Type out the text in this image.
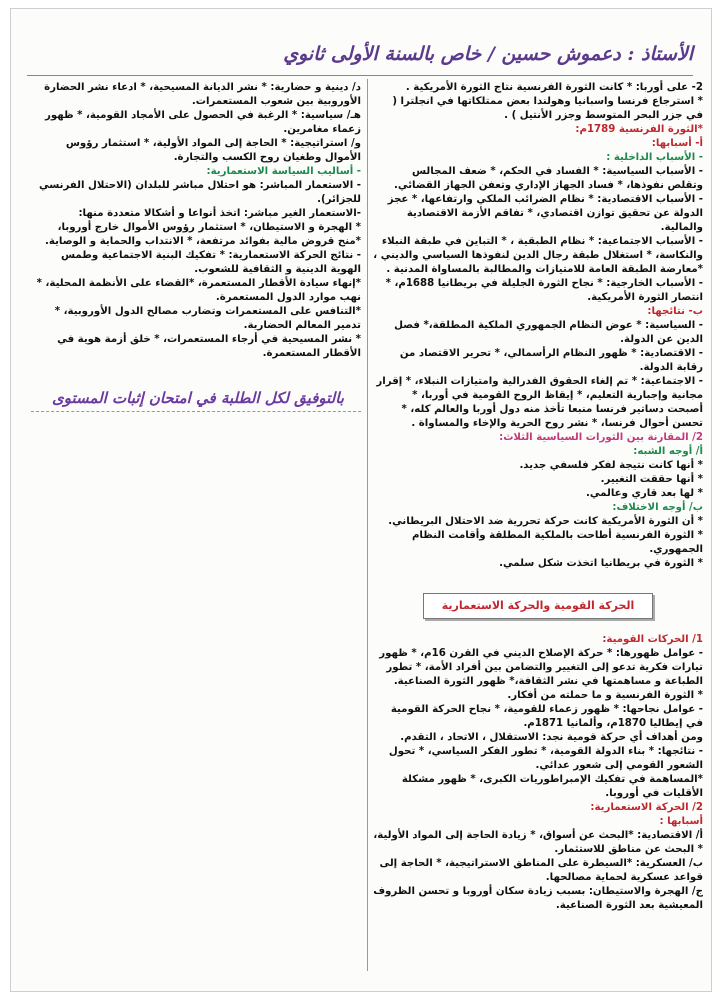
الأستاذ : دعموش حسين / خاص بالسنة الأولى ثانوي
2- على أوربا: * كانت الثورة الفرنسية نتاج الثورة الأمريكية .
* استرجاع فرنسا واسبانيا وهولندا بعض ممتلكاتها في انجلترا ( في جزر البحر المتوسط وجزر الأنتيل ) .
*الثورة الفرنسية 1789م:
أ- أسبابها:
- الأسباب الداخلية :
- الأسباب السياسية: * الفساد في الحكم، * ضعف المجالس وتقلص نفوذها، * فساد الجهاز الإداري وتعفن الجهاز القضائي.
- الأسباب الاقتصادية: * نظام الضرائب الملكي وارتفاعها، * عجز الدولة عن تحقيق توازن اقتصادي، * تفاقم الأزمة الاقتصادية والمالية.
- الأسباب الاجتماعية: * نظام الطبقية ، * التباين في طبقة النبلاء والنكاسة، * استغلال طبقة رجال الدين لنفوذها السياسي والديني ، *معارضة الطبقة العامة للامتيازات والمطالبة بالمساواة المدنية .
- الأسباب الخارجية: * نجاح الثورة الجليلة في بريطانيا 1688م، * انتصار الثورة الأمريكية.
ب- نتائجها:
- السياسية: * عوض النظام الجمهوري الملكية المطلقة،* فصل الدين عن الدولة.
- الاقتصادية: * ظهور النظام الرأسمالي، * تحرير الاقتصاد من رقابة الدولة.
- الاجتماعية: * تم إلغاء الحقوق الفدرالية وامتيازات النبلاء، * إقرار مجانية وإجبارية التعليم، * إيقاظ الروح القومية في أوربا، * أصبحت دساتير فرنسا منبعا تأخذ منه دول أوربا والعالم كله، * تحسن أحوال فرنسا، * نشر روح الحرية والإخاء والمساواة .
2/ المقارنة بين الثورات السياسية الثلاث:
أ/ أوجه الشبه:
* أنها كانت نتيجة لفكر فلسفي جديد.
* أنها حققت التغيير.
* لها بعد قاري وعالمي.
ب/ أوجه الاختلاف:
* أن الثورة الأمريكية كانت حركة تحررية ضد الاحتلال البريطاني.
* الثورة الفرنسية أطاحت بالملكية المطلقة وأقامت النظام الجمهوري.
* الثورة في بريطانيا اتخذت شكل سلمي.
الحركة القومية والحركة الاستعمارية
1/ الحركات القومية:
- عوامل ظهورها: * حركة الإصلاح الديني في القرن 16م، * ظهور تيارات فكرية تدعو إلى التغيير والتضامن بين أفراد الأمة، * تطور الطباعة و مساهمتها في نشر الثقافة،* ظهور الثورة الصناعية.
* الثورة الفرنسية و ما حملته من أفكار.
- عوامل نجاحها: * ظهور زعماء للقومية، * نجاح الحركة القومية في إيطاليا 1870م، وألمانيا 1871م.
ومن أهداف أي حركة قومية نجد: الاستقلال ، الاتحاد ، التقدم.
- نتائجها: * بناء الدولة القومية، * تطور الفكر السياسي، * تحول الشعور القومي إلى شعور عدائي.
*المساهمة في تفكيك الإمبراطوريات الكبرى، * ظهور مشكلة الأقليات في أوروبا.
2/ الحركة الاستعمارية:
أسبابها :
أ/ الاقتصادية: *البحث عن أسواق، * زيادة الحاجة إلى المواد الأولية، * البحث عن مناطق للاستثمار.
ب/ العسكرية: *السيطرة على المناطق الاستراتيجية، * الحاجة إلى قواعد عسكرية لحماية مصالحها.
ج/ الهجرة والاستيطان: بسبب زيادة سكان أوروبا و تحسن الظروف المعيشية بعد الثورة الصناعية.
د/ دينية و حضارية: * نشر الديانة المسيحية، * ادعاء نشر الحضارة الأوروبية بين شعوب المستعمرات.
هـ/ سياسية: * الرغبة في الحصول على الأمجاد القومية، * ظهور زعماء مغامرين.
و/ استراتيجية: * الحاجة إلى المواد الأولية، * استثمار رؤوس الأموال وطغيان روح الكسب والتجارة.
- أساليب السياسة الاستعمارية:
- الاستعمار المباشر: هو احتلال مباشر للبلدان (الاحتلال الفرنسي للجزائر).
-الاستعمار الغير مباشر: اتخذ أنواعا و أشكالا متعددة منها:
* الهجرة و الاستيطان، * استثمار رؤوس الأموال خارج أوروبا، *منح قروض مالية بفوائد مرتفعة، * الانتداب والحماية و الوصاية.
- نتائج الحركة الاستعمارية: * تفكيك البنية الاجتماعية وطمس الهوية الدينية و الثقافية للشعوب.
*إنهاء سيادة الأقطار المستعمرة، *القضاء على الأنظمة المحلية، * نهب موارد الدول المستعمرة.
*التنافس على المستعمرات وتضارب مصالح الدول الأوروبية، * تدمير المعالم الحضارية.
* نشر المسيحية في أرجاء المستعمرات، * خلق أزمة هوية في الأقطار المستعمرة.
بالتوفيق لكل الطلبة في امتحان إثبات المستوى
